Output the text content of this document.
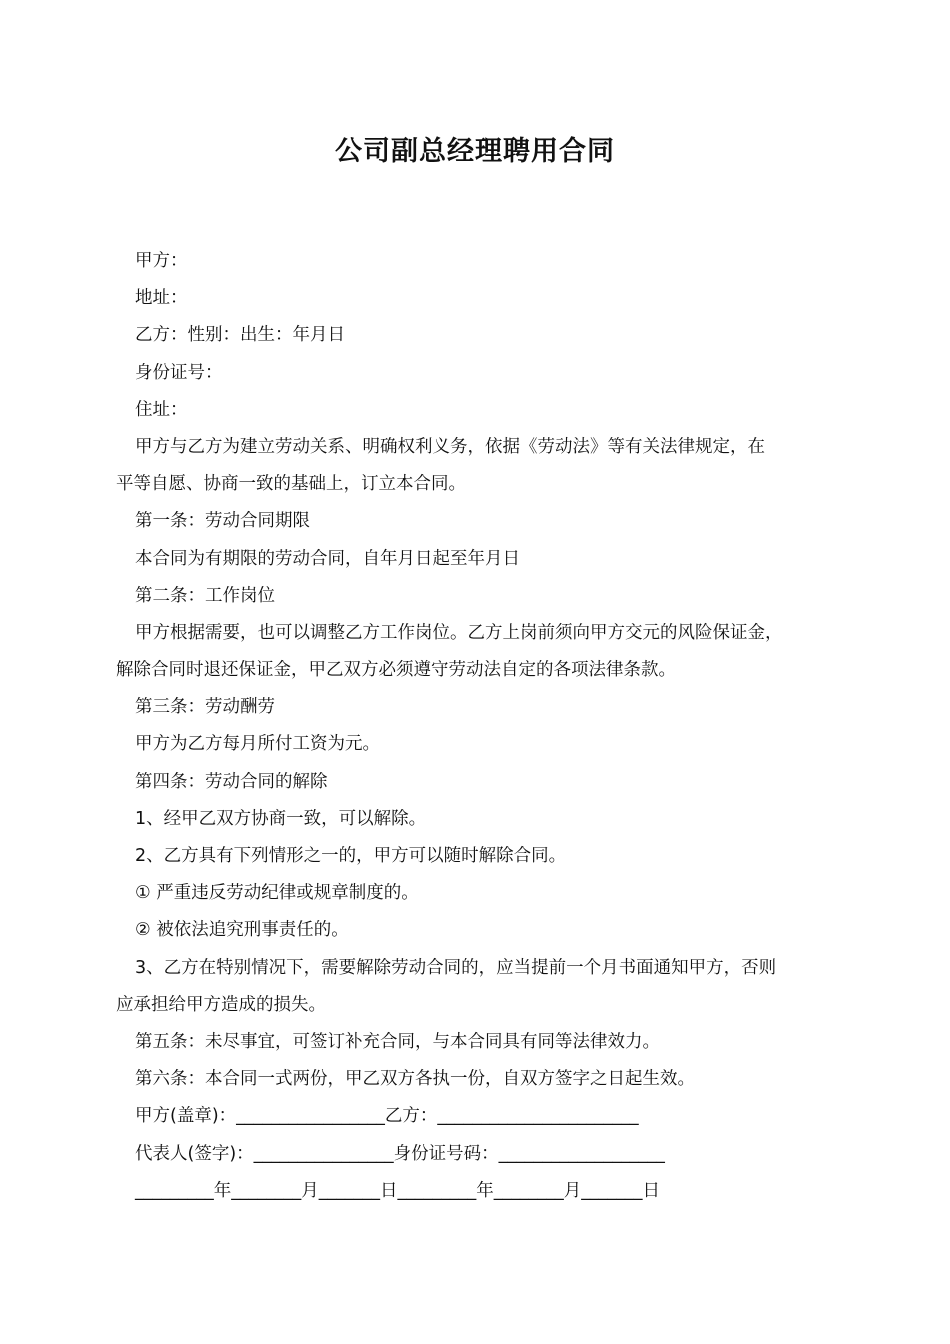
公司副总经理聘用合同
甲方：
地址：
乙方：性别：出生：年月日
身份证号：
住址：
甲方与乙方为建立劳动关系、明确权利义务，依据《劳动法》等有关法律规定，在
平等自愿、协商一致的基础上，订立本合同。
第一条：劳动合同期限
本合同为有期限的劳动合同，自年月日起至年月日
第二条：工作岗位
甲方根据需要，也可以调整乙方工作岗位。乙方上岗前须向甲方交元的风险保证金，
解除合同时退还保证金，甲乙双方必须遵守劳动法自定的各项法律条款。
第三条：劳动酬劳
甲方为乙方每月所付工资为元。
第四条：劳动合同的解除
1、经甲乙双方协商一致，可以解除。
2、乙方具有下列情形之一的，甲方可以随时解除合同。
① 严重违反劳动纪律或规章制度的。
② 被依法追究刑事责任的。
3、乙方在特别情况下，需要解除劳动合同的，应当提前一个月书面通知甲方，否则
应承担给甲方造成的损失。
第五条：未尽事宜，可签订补充合同，与本合同具有同等法律效力。
第六条：本合同一式两份，甲乙双方各执一份，自双方签字之日起生效。
甲方(盖章)：_________________乙方：_______________________
代表人(签字)：________________身份证号码：___________________
_________年________月_______日_________年________月_______日
